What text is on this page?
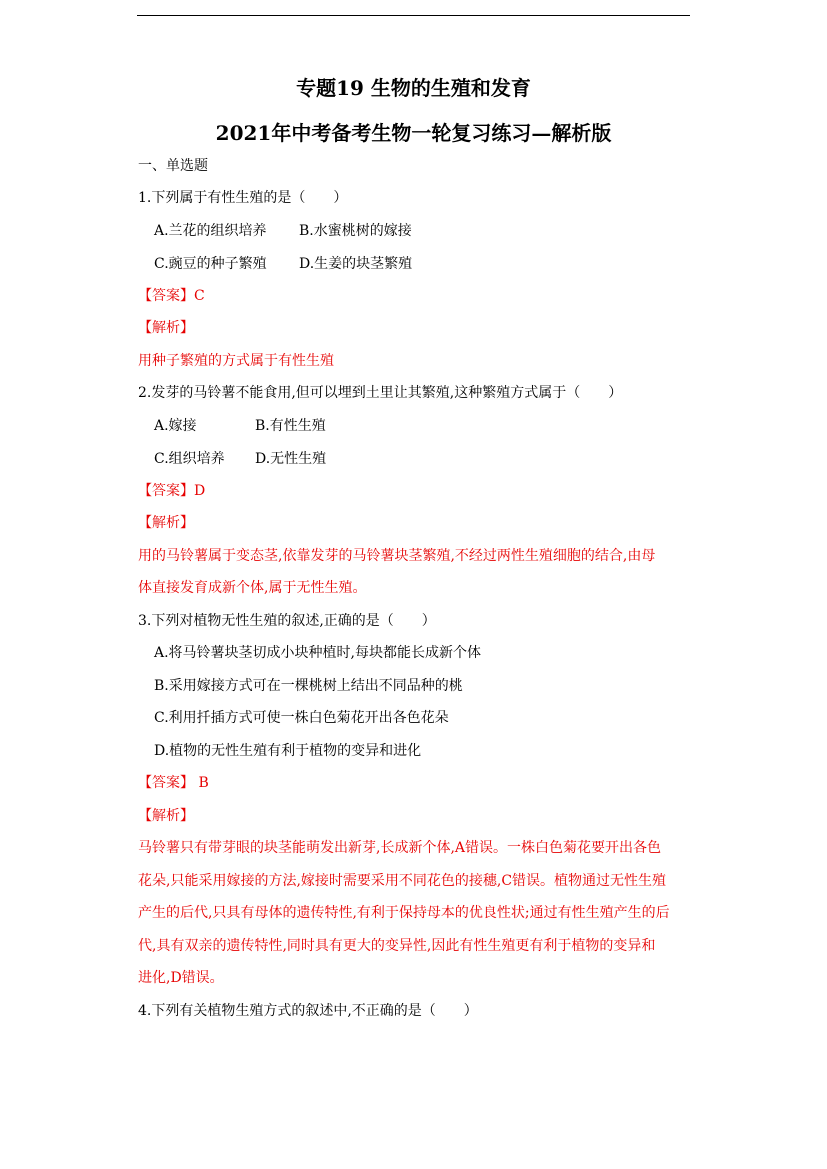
专题19 生物的生殖和发育
2021年中考备考生物一轮复习练习—解析版
一、单选题
1.下列属于有性生殖的是（　　）
A.兰花的组织培养 B.水蜜桃树的嫁接
C.豌豆的种子繁殖 D.生姜的块茎繁殖
【答案】C
【解析】
用种子繁殖的方式属于有性生殖
2.发芽的马铃薯不能食用,但可以埋到土里让其繁殖,这种繁殖方式属于（　　）
A.嫁接	B.有性生殖
C.组织培养 D.无性生殖
【答案】D
【解析】
用的马铃薯属于变态茎,依靠发芽的马铃薯块茎繁殖,不经过两性生殖细胞的结合,由母
体直接发育成新个体,属于无性生殖。
3.下列对植物无性生殖的叙述,正确的是（　　）
A.将马铃薯块茎切成小块种植时,每块都能长成新个体
B.采用嫁接方式可在一棵桃树上结出不同品种的桃
C.利用扦插方式可使一株白色菊花开出各色花朵
D.植物的无性生殖有利于植物的变异和进化
【答案】 B
【解析】
马铃薯只有带芽眼的块茎能萌发出新芽,长成新个体,A错误。一株白色菊花要开出各色
花朵,只能采用嫁接的方法,嫁接时需要采用不同花色的接穗,C错误。植物通过无性生殖
产生的后代,只具有母体的遗传特性,有利于保持母本的优良性状;通过有性生殖产生的后
代,具有双亲的遗传特性,同时具有更大的变异性,因此有性生殖更有利于植物的变异和
进化,D错误。
4.下列有关植物生殖方式的叙述中,不正确的是（　　）
